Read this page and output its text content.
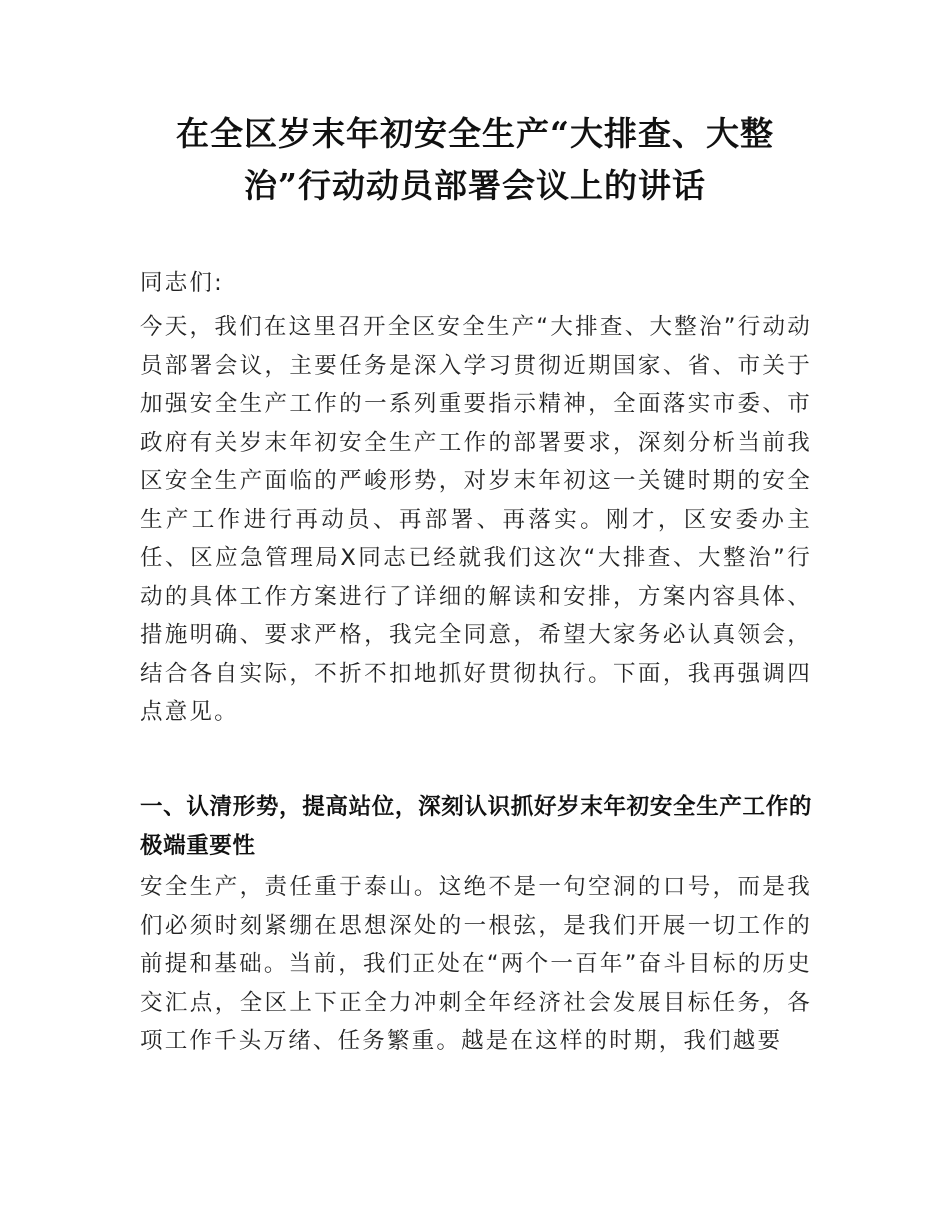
在全区岁末年初安全生产“大排查、大整治”行动动员部署会议上的讲话

同志们:

今天，我们在这里召开全区安全生产“大排查、大整治”行动动员部署会议，主要任务是深入学习贯彻近期国家、省、市关于加强安全生产工作的一系列重要指示精神，全面落实市委、市政府有关岁末年初安全生产工作的部署要求，深刻分析当前我区安全生产面临的严峻形势，对岁末年初这一关键时期的安全生产工作进行再动员、再部署、再落实。刚才，区安委办主任、区应急管理局X同志已经就我们这次“大排查、大整治”行动的具体工作方案进行了详细的解读和安排，方案内容具体、措施明确、要求严格，我完全同意，希望大家务必认真领会，结合各自实际，不折不扣地抓好贯彻执行。下面，我再强调四点意见。

一、认清形势，提高站位，深刻认识抓好岁末年初安全生产工作的极端重要性

安全生产，责任重于泰山。这绝不是一句空洞的口号，而是我们必须时刻紧绷在思想深处的一根弦，是我们开展一切工作的前提和基础。当前，我们正处在“两个一百年”奋斗目标的历史交汇点，全区上下正全力冲刺全年经济社会发展目标任务，各项工作千头万绪、任务繁重。越是在这样的时期，我们越要
